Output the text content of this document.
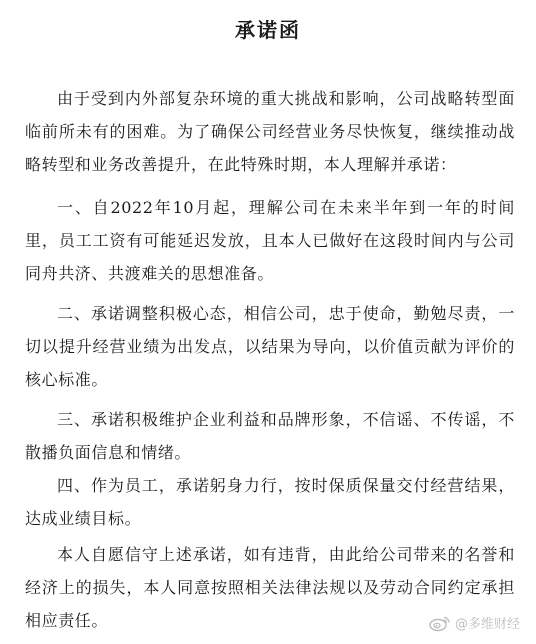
承诺函

由于受到内外部复杂环境的重大挑战和影响，公司战略转型面临前所未有的困难。为了确保公司经营业务尽快恢复，继续推动战略转型和业务改善提升，在此特殊时期，本人理解并承诺：

一、自2022年10月起，理解公司在未来半年到一年的时间里，员工工资有可能延迟发放，且本人已做好在这段时间内与公司同舟共济、共渡难关的思想准备。

二、承诺调整积极心态，相信公司，忠于使命，勤勉尽责，一切以提升经营业绩为出发点，以结果为导向，以价值贡献为评价的核心标准。

三、承诺积极维护企业利益和品牌形象，不信谣、不传谣，不散播负面信息和情绪。

四、作为员工，承诺躬身力行，按时保质保量交付经营结果，达成业绩目标。

本人自愿信守上述承诺，如有违背，由此给公司带来的名誉和经济上的损失，本人同意按照相关法律法规以及劳动合同约定承担相应责任。	@多维财经
